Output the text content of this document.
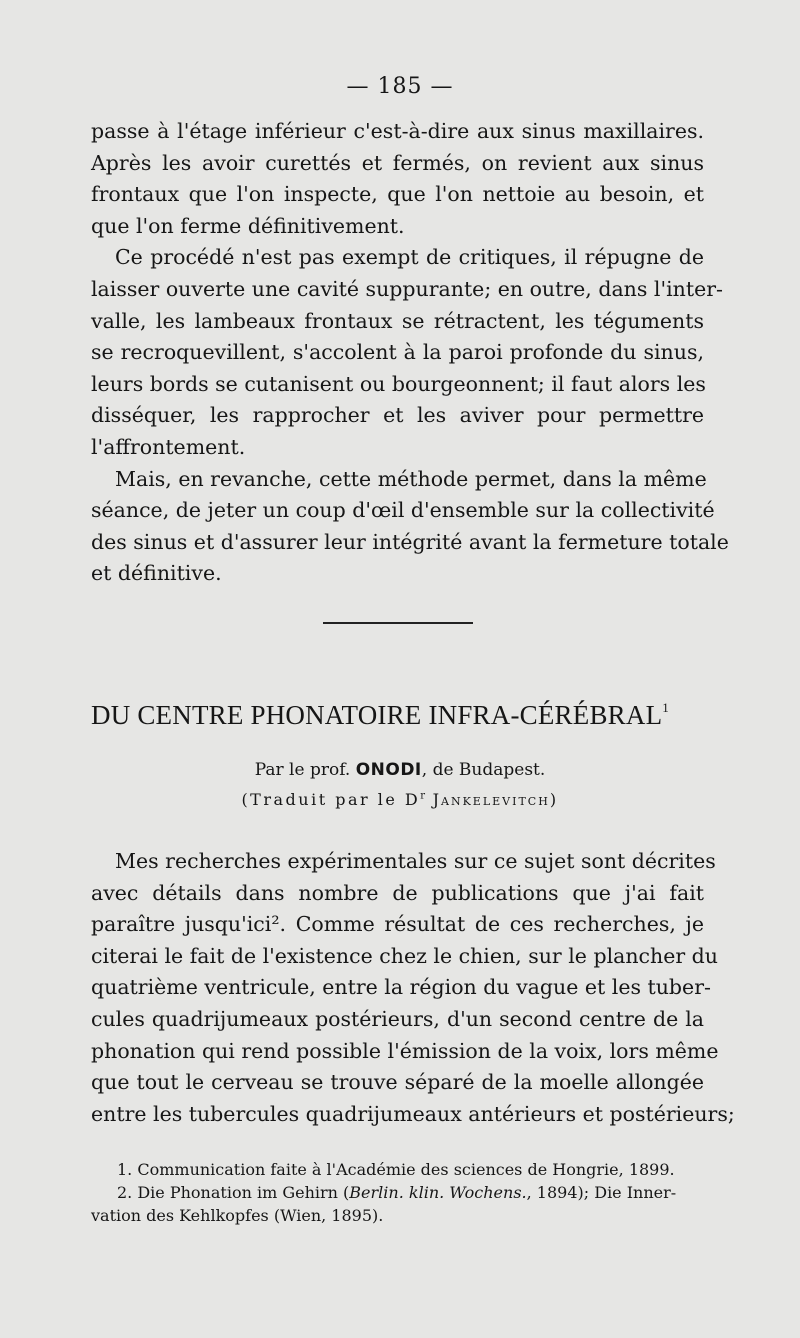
— 185 —
passe à l'étage inférieur c'est-à-dire aux sinus maxillaires.
Après les avoir curettés et fermés, on revient aux sinus
frontaux que l'on inspecte, que l'on nettoie au besoin, et
que l'on ferme définitivement.
Ce procédé n'est pas exempt de critiques, il répugne de
laisser ouverte une cavité suppurante; en outre, dans l'inter-
valle, les lambeaux frontaux se rétractent, les téguments
se recroquevillent, s'accolent à la paroi profonde du sinus,
leurs bords se cutanisent ou bourgeonnent; il faut alors les
disséquer, les rapprocher et les aviver pour permettre
l'affrontement.
Mais, en revanche, cette méthode permet, dans la même
séance, de jeter un coup d'œil d'ensemble sur la collectivité
des sinus et d'assurer leur intégrité avant la fermeture totale
et définitive.
DU CENTRE PHONATOIRE INFRA-CÉRÉBRAL$^1$
Par le prof. ONODI, de Budapest.
(Traduit par le $D^r$ Jankelevitch)
Mes recherches expérimentales sur ce sujet sont décrites
avec détails dans nombre de publications que j'ai fait
paraître jusqu'ici². Comme résultat de ces recherches, je
citerai le fait de l'existence chez le chien, sur le plancher du
quatrième ventricule, entre la région du vague et les tuber-
cules quadrijumeaux postérieurs, d'un second centre de la
phonation qui rend possible l'émission de la voix, lors même
que tout le cerveau se trouve séparé de la moelle allongée
entre les tubercules quadrijumeaux antérieurs et postérieurs;
1. Communication faite à l'Académie des sciences de Hongrie, 1899.
2. Die Phonation im Gehirn (Berlin. klin. Wochens., 1894); Die Inner-
vation des Kehlkopfes (Wien, 1895).
